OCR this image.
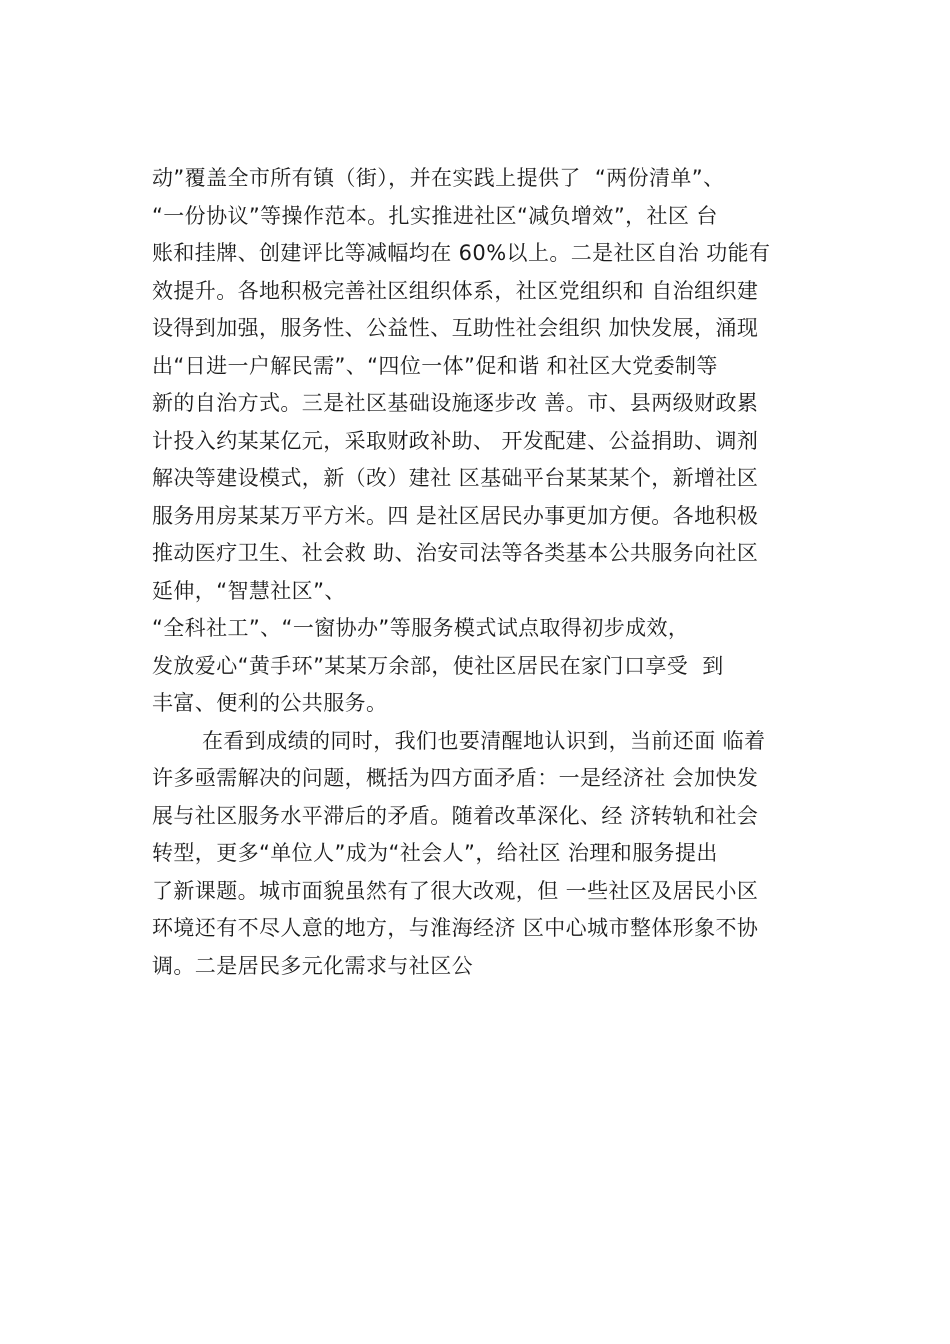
动”覆盖全市所有镇（街），并在实践上提供了  “两份清单”、
“一份协议”等操作范本。扎实推进社区“减负增效”，社区 台
账和挂牌、创建评比等减幅均在 60%以上。二是社区自治 功能有
效提升。各地积极完善社区组织体系，社区党组织和 自治组织建
设得到加强，服务性、公益性、互助性社会组织 加快发展，涌现
出“日进一户解民需”、“四位一体”促和谐 和社区大党委制等
新的自治方式。三是社区基础设施逐步改 善。市、县两级财政累
计投入约某某亿元，采取财政补助、 开发配建、公益捐助、调剂
解决等建设模式，新（改）建社 区基础平台某某某个，新增社区
服务用房某某万平方米。四 是社区居民办事更加方便。各地积极
推动医疗卫生、社会救 助、治安司法等各类基本公共服务向社区
延伸，“智慧社区”、
“全科社工”、“一窗协办”等服务模式试点取得初步成效，
发放爱心“黄手环”某某万余部，使社区居民在家门口享受  到
丰富、便利的公共服务。
在看到成绩的同时，我们也要清醒地认识到，当前还面 临着
许多亟需解决的问题，概括为四方面矛盾：一是经济社 会加快发
展与社区服务水平滞后的矛盾。随着改革深化、经 济转轨和社会
转型，更多“单位人”成为“社会人”，给社区 治理和服务提出
了新课题。城市面貌虽然有了很大改观，但 一些社区及居民小区
环境还有不尽人意的地方，与淮海经济 区中心城市整体形象不协
调。二是居民多元化需求与社区公
